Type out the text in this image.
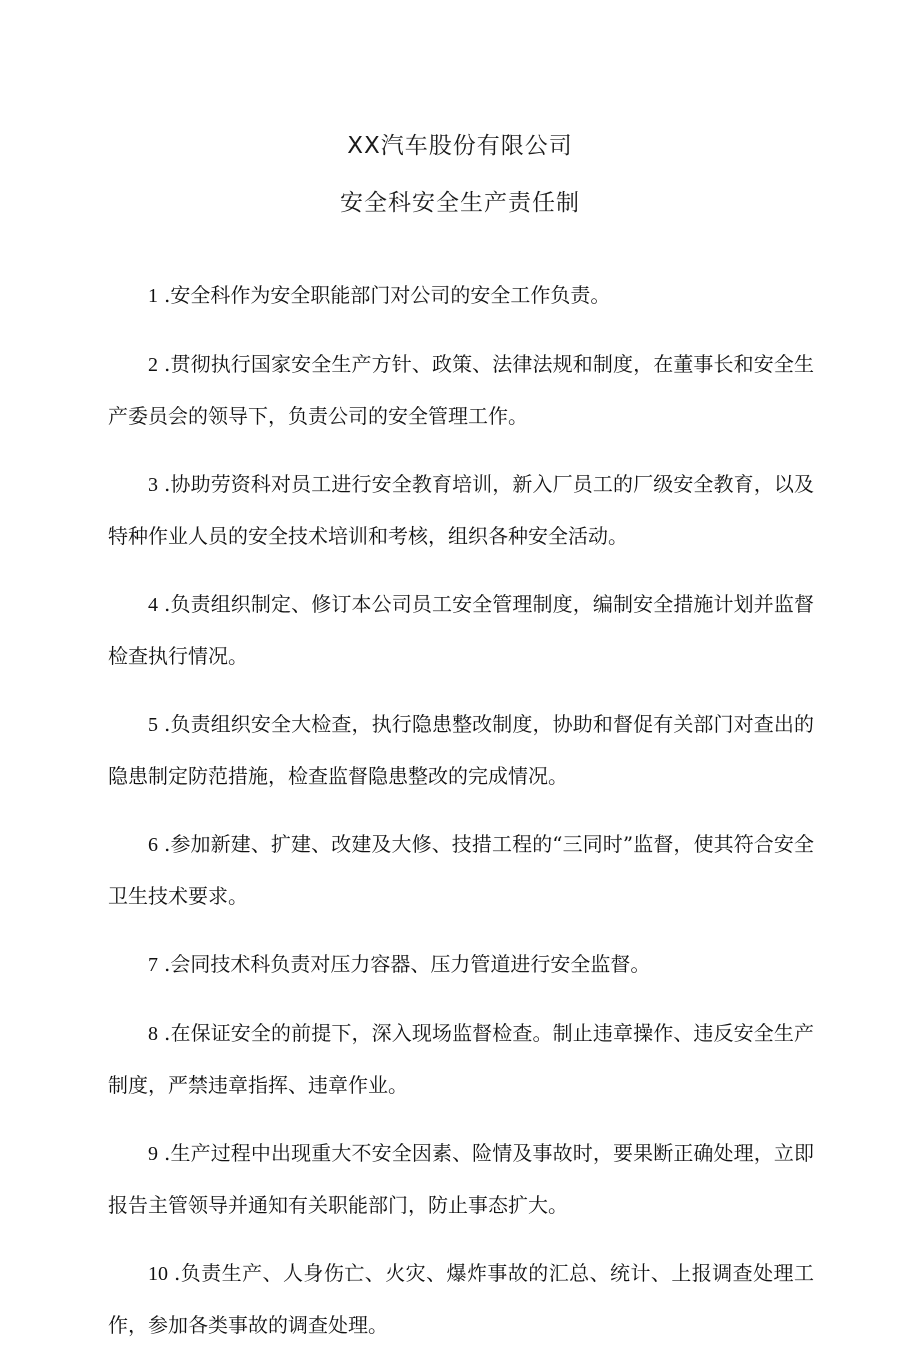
XX汽车股份有限公司
安全科安全生产责任制

1 .安全科作为安全职能部门对公司的安全工作负责。

2 .贯彻执行国家安全生产方针、政策、法律法规和制度，在董事长和安全生产委员会的领导下，负责公司的安全管理工作。

3 .协助劳资科对员工进行安全教育培训，新入厂员工的厂级安全教育，以及特种作业人员的安全技术培训和考核，组织各种安全活动。

4 .负责组织制定、修订本公司员工安全管理制度，编制安全措施计划并监督检查执行情况。

5 .负责组织安全大检查，执行隐患整改制度，协助和督促有关部门对查出的隐患制定防范措施，检查监督隐患整改的完成情况。

6 .参加新建、扩建、改建及大修、技措工程的“三同时”监督，使其符合安全卫生技术要求。

7 .会同技术科负责对压力容器、压力管道进行安全监督。

8 .在保证安全的前提下，深入现场监督检查。制止违章操作、违反安全生产制度，严禁违章指挥、违章作业。

9 .生产过程中出现重大不安全因素、险情及事故时，要果断正确处理，立即报告主管领导并通知有关职能部门，防止事态扩大。

10 .负责生产、人身伤亡、火灾、爆炸事故的汇总、统计、上报调查处理工作，参加各类事故的调查处理。
